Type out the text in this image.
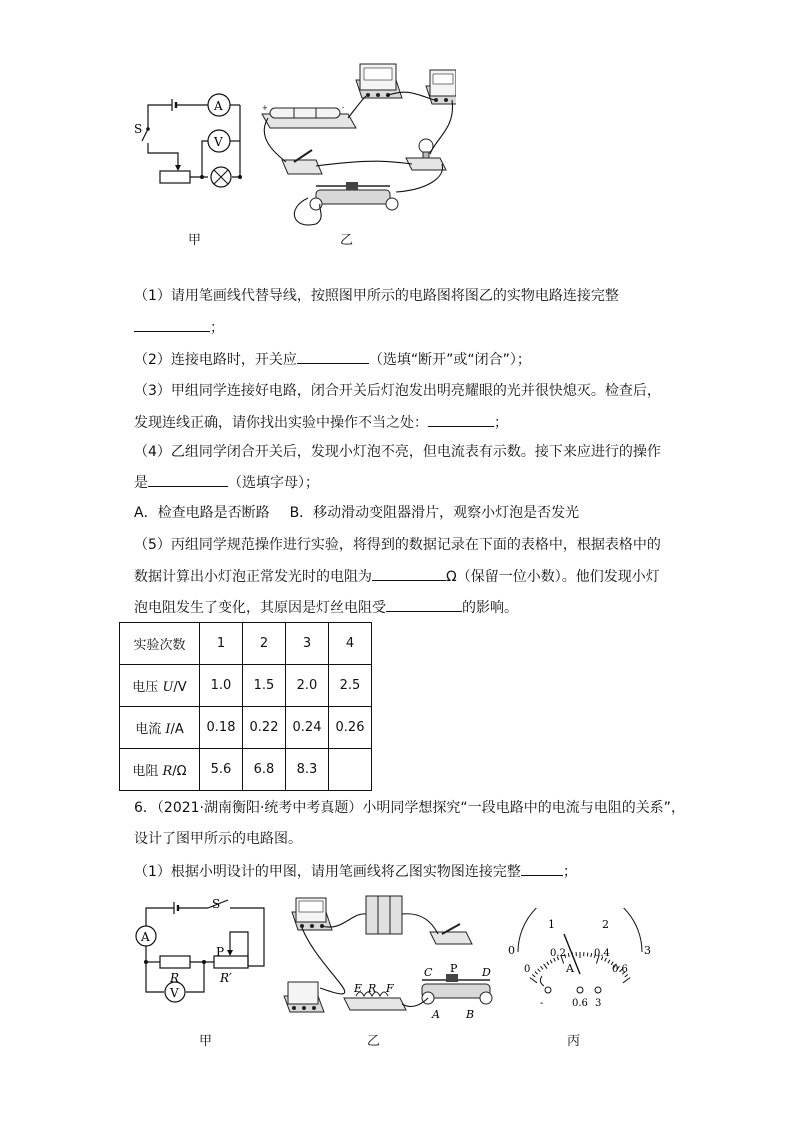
S
A
V
+	-
甲	乙
（1）请用笔画线代替导线，按照图甲所示的电路图将图乙的实物电路连接完整
；
（2）连接电路时，开关应	（选填“断开”或“闭合”）；
（3）甲组同学连接好电路，闭合开关后灯泡发出明亮耀眼的光并很快熄灭。检查后，
发现连线正确，请你找出实验中操作不当之处：	；
（4）乙组同学闭合开关后，发现小灯泡不亮，但电流表有示数。接下来应进行的操作
是	（选填字母）；
A．检查电路是否断路 B．移动滑动变阻器滑片，观察小灯泡是否发光
（5）丙组同学规范操作进行实验，将得到的数据记录在下面的表格中，根据表格中的
数据计算出小灯泡正常发光时的电阻为	Ω（保留一位小数）。他们发现小灯
泡电阻发生了变化，其原因是灯丝电阻受	的影响。
实验次数	1	2	3	4
电压 U/V	1.0	1.5	2.0	2.5
电流 I/A	0.18	0.22	0.24	0.26
电阻 R/Ω	5.6	6.8	8.3	
6．（2021·湖南衡阳·统考中考真题）小明同学想探究“一段电路中的电流与电阻的关系”，
设计了图甲所示的电路图。
（1）根据小明设计的甲图，请用笔画线将乙图实物图连接完整	；
A
V
S
P
R	R′
E R F
C P D
A B
0
1	2
3
0
0.2	0.4
0.6
A
-	0.6 3
甲	乙	丙
